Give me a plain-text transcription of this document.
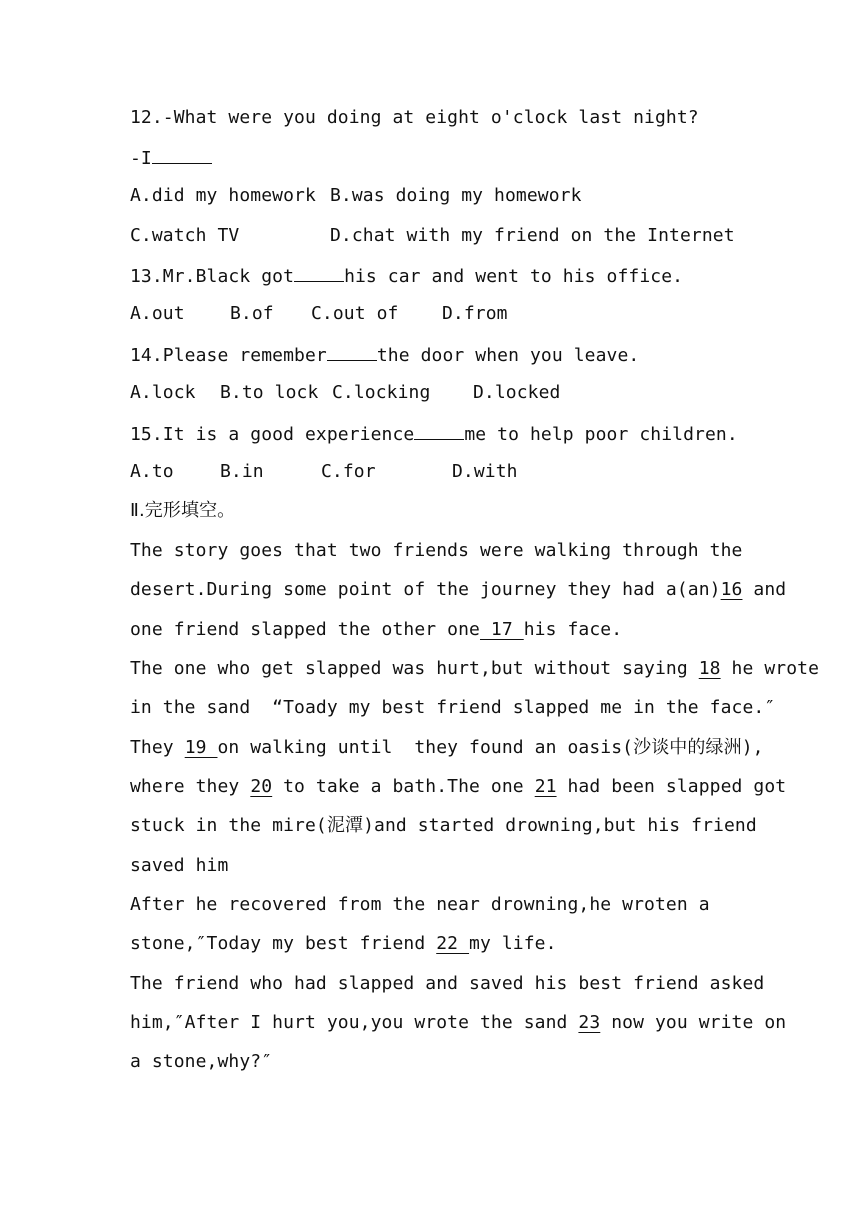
12.-What were you doing at eight o'clock last night?
-I
A.did my homework B.was doing my homework
C.watch TV	D.chat with my friend on the Internet
13.Mr.Black got	his car and went to his office.
A.out	B.of C.out of D.from
14.Please remember	the door when you leave.
A.lock B.to lock C.locking D.locked
15.It is a good experience	me to help poor children.
A.to	B.in	C.for	D.with
Ⅱ.完形填空。
The story goes that two friends were walking through the
desert.During some point of the journey they had a(an)16 and
one friend slapped the other one 17 his face.
The one who get slapped was hurt,but without saying 18 he wrote
in the sand  “Toady my best friend slapped me in the face.″
They 19 on walking until  they found an oasis(沙谈中的绿洲),
where they 20 to take a bath.The one 21 had been slapped got
stuck in the mire(泥潭)and started drowning,but his friend
saved him
After he recovered from the near drowning,he wroten a
stone,″Today my best friend 22 my life.
The friend who had slapped and saved his best friend asked
him,″After I hurt you,you wrote the sand 23 now you write on
a stone,why?″
